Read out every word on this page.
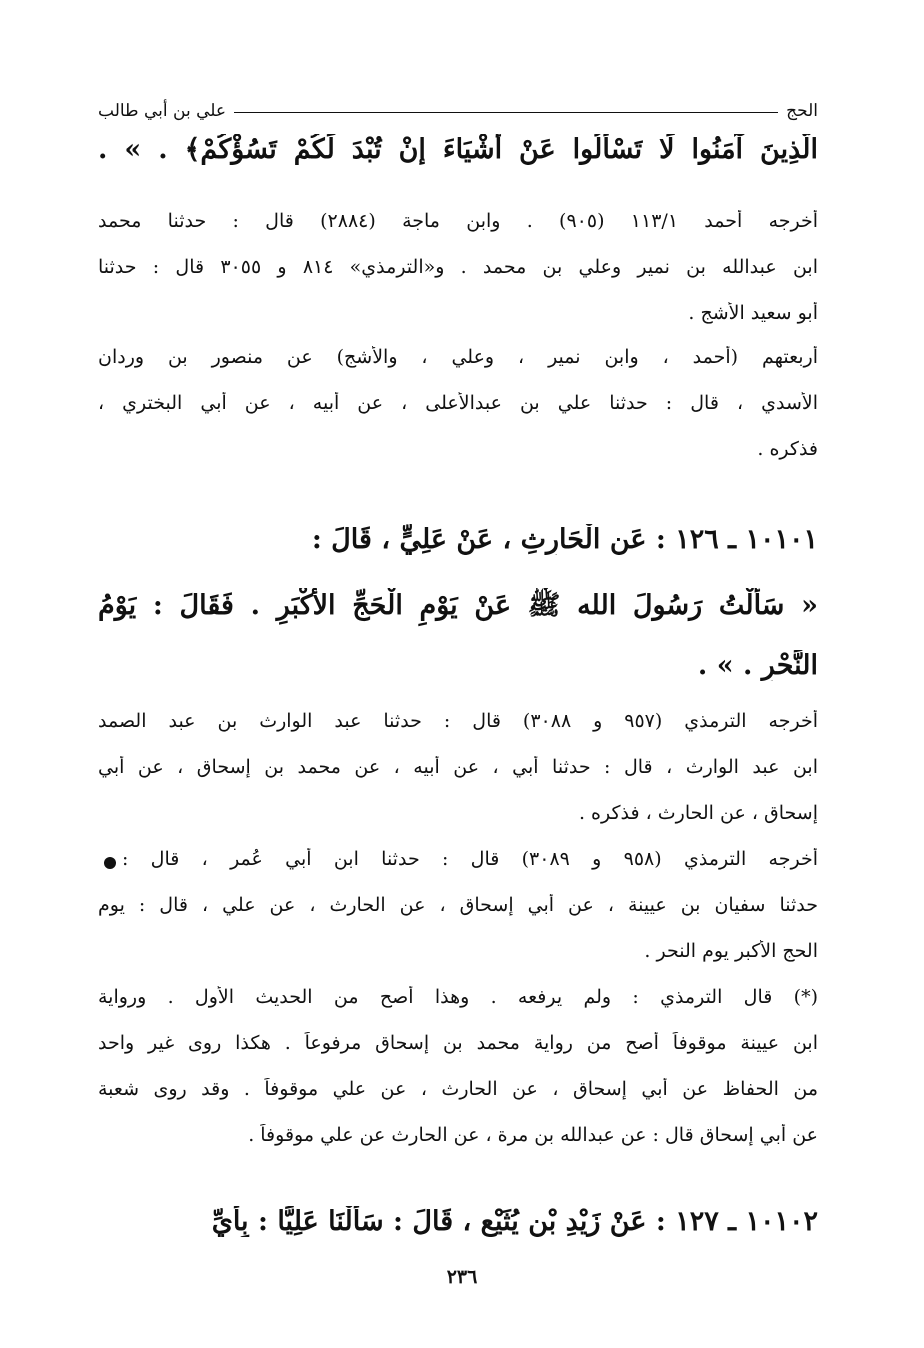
الحج
علي بن أبي طالب
الَّذِينَ آمَنُوا لَا تَسْأَلُوا عَنْ أَشْيَاءَ إِنْ تُبْدَ لَكُمْ تَسُؤْكُمْ﴾ . » .
أخرجه أحمد ١١٣/١ (٩٠٥) . وابن ماجة (٢٨٨٤) قال : حدثنا محمد
ابن عبدالله بن نمير وعلي بن محمد . و«الترمذي» ٨١٤ و ٣٠٥٥ قال : حدثنا
أبو سعيد الأشج .
أربعتهم (أحمد ، وابن نمير ، وعلي ، والأشج) عن منصور بن وردان
الأسدي ، قال : حدثنا علي بن عبدالأعلى ، عن أبيه ، عن أبي البختري ،
فذكره .
١٠١٠١ ـ ١٢٦ : عَنِ الْحَارِثِ ، عَنْ عَلِيٍّ ، قَالَ :
« سَأَلْتُ رَسُولَ الله ﷺ عَنْ يَوْمِ الْحَجِّ الأَكْبَرِ . فَقَالَ : يَوْمُ
النَّحْرِ . » .
أخرجه الترمذي (٩٥٧ و ٣٠٨٨) قال : حدثنا عبد الوارث بن عبد الصمد
ابن عبد الوارث ، قال : حدثنا أبي ، عن أبيه ، عن محمد بن إسحاق ، عن أبي
إسحاق ، عن الحارث ، فذكره .
أخرجه الترمذي (٩٥٨ و ٣٠٨٩) قال : حدثنا ابن أبي عُمر ، قال :
حدثنا سفيان بن عيينة ، عن أبي إسحاق ، عن الحارث ، عن علي ، قال : يوم
الحج الأكبر يوم النحر .
(*) قال الترمذي : ولم يرفعه . وهذا أصح من الحديث الأول . ورواية
ابن عيينة موقوفاً أصح من رواية محمد بن إسحاق مرفوعاً . هكذا روى غير واحد
من الحفاظ عن أبي إسحاق ، عن الحارث ، عن علي موقوفاً . وقد روى شعبة
عن أبي إسحاق قال : عن عبدالله بن مرة ، عن الحارث عن علي موقوفاً .
١٠١٠٢ ـ ١٢٧ : عَنْ زَيْدِ بْنِ يُثَيْعٍ ، قَالَ : سَأَلْنَا عَلِيًّا : بِأَيِّ
٢٣٦
